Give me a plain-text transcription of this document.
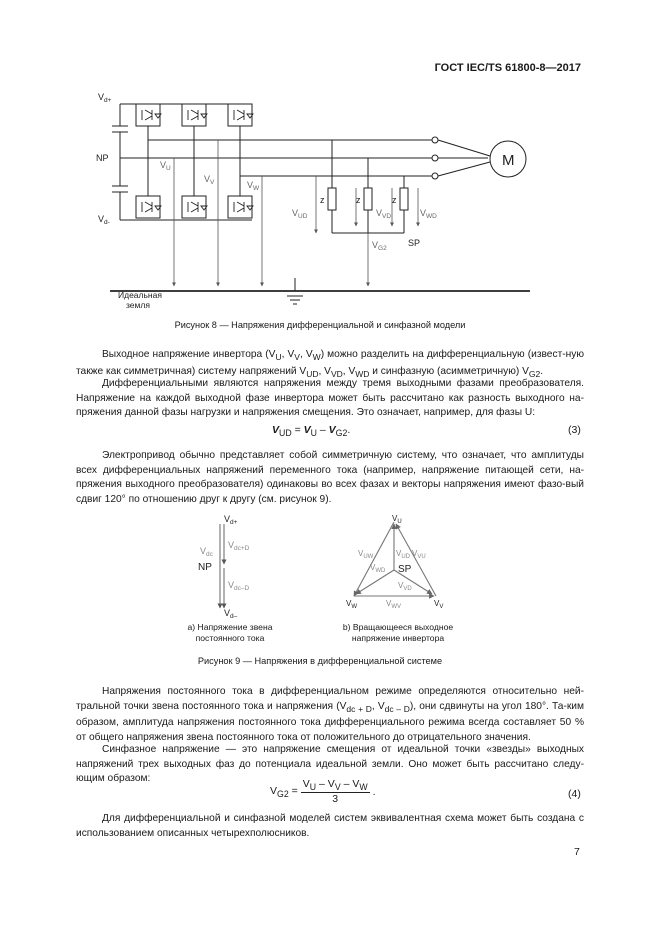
ГОСТ IEC/TS 61800-8—2017
$V_{d+}$
$V_{d-}$
NP
$V_U$
$V_V$	$V_W$
z	z	z
$V_{UD}$	$V_{VD}$	$V_{WD}$
$V_{G2}$
SP
M
Идеальная
земля
Рисунок 8 — Напряжения дифференциальной и синфазной модели

Выходное напряжение инвертора ($V_U$, $V_V$, $V_W$) можно разделить на дифференциальную (извест-ную также как симметричная) систему напряжений $V_{UD}$, $V_{VD}$, $V_{WD}$ и синфазную (асимметричную) $V_{G2}$.

Дифференциальными являются напряжения между тремя выходными фазами преобразователя. Напряжение на каждой выходной фазе инвертора может быть рассчитано как разность выходного на-пряжения данной фазы нагрузки и напряжения смещения. Это означает, например, для фазы U:

$V_{UD} = V_U - V_{G2}$.	(3)

Электропривод обычно представляет собой симметричную систему, что означает, что амплитуды всех дифференциальных напряжений переменного тока (например, напряжение питающей сети, на-пряжения выходного преобразователя) одинаковы во всех фазах и векторы напряжения имеют фазо-вый сдвиг 120° по отношению друг к другу (см. рисунок 9).

$V_{d+}$
$V_{dc}$
$V_{dc+D}$
NP
$V_{dc-D}$
$V_{d-}$
а) Напряжение звена
постоянного тока
$V_U$
$V_{UW}$	$V_{UD}$ $V_{VU}$
$V_{WD}$ SP
$V_{VD}$
$V_W$	$V_{WV}$	$V_V$
b) Вращающееся выходное
напряжение инвертора
Рисунок 9 — Напряжения в дифференциальной системе

Напряжения постоянного тока в дифференциальном режиме определяются относительно ней-тральной точки звена постоянного тока и напряжения ($V_{dc + D}$, $V_{dc - D}$), они сдвинуты на угол 180°. Та-ким образом, амплитуда напряжения постоянного тока дифференциального режима всегда составляет 50 % от общего напряжения звена постоянного тока от положительного до отрицательного значения.

Синфазное напряжение — это напряжение смещения от идеальной точки «звезды» выходных напряжений трех выходных фаз до потенциала идеальной земли. Оно может быть рассчитано следу-ющим образом:

$V_{G2} = \frac{V_U - V_V - V_W}{3}$ .	(4)

Для дифференциальной и синфазной моделей систем эквивалентная схема может быть создана с использованием описанных четырехполюсников.

7
